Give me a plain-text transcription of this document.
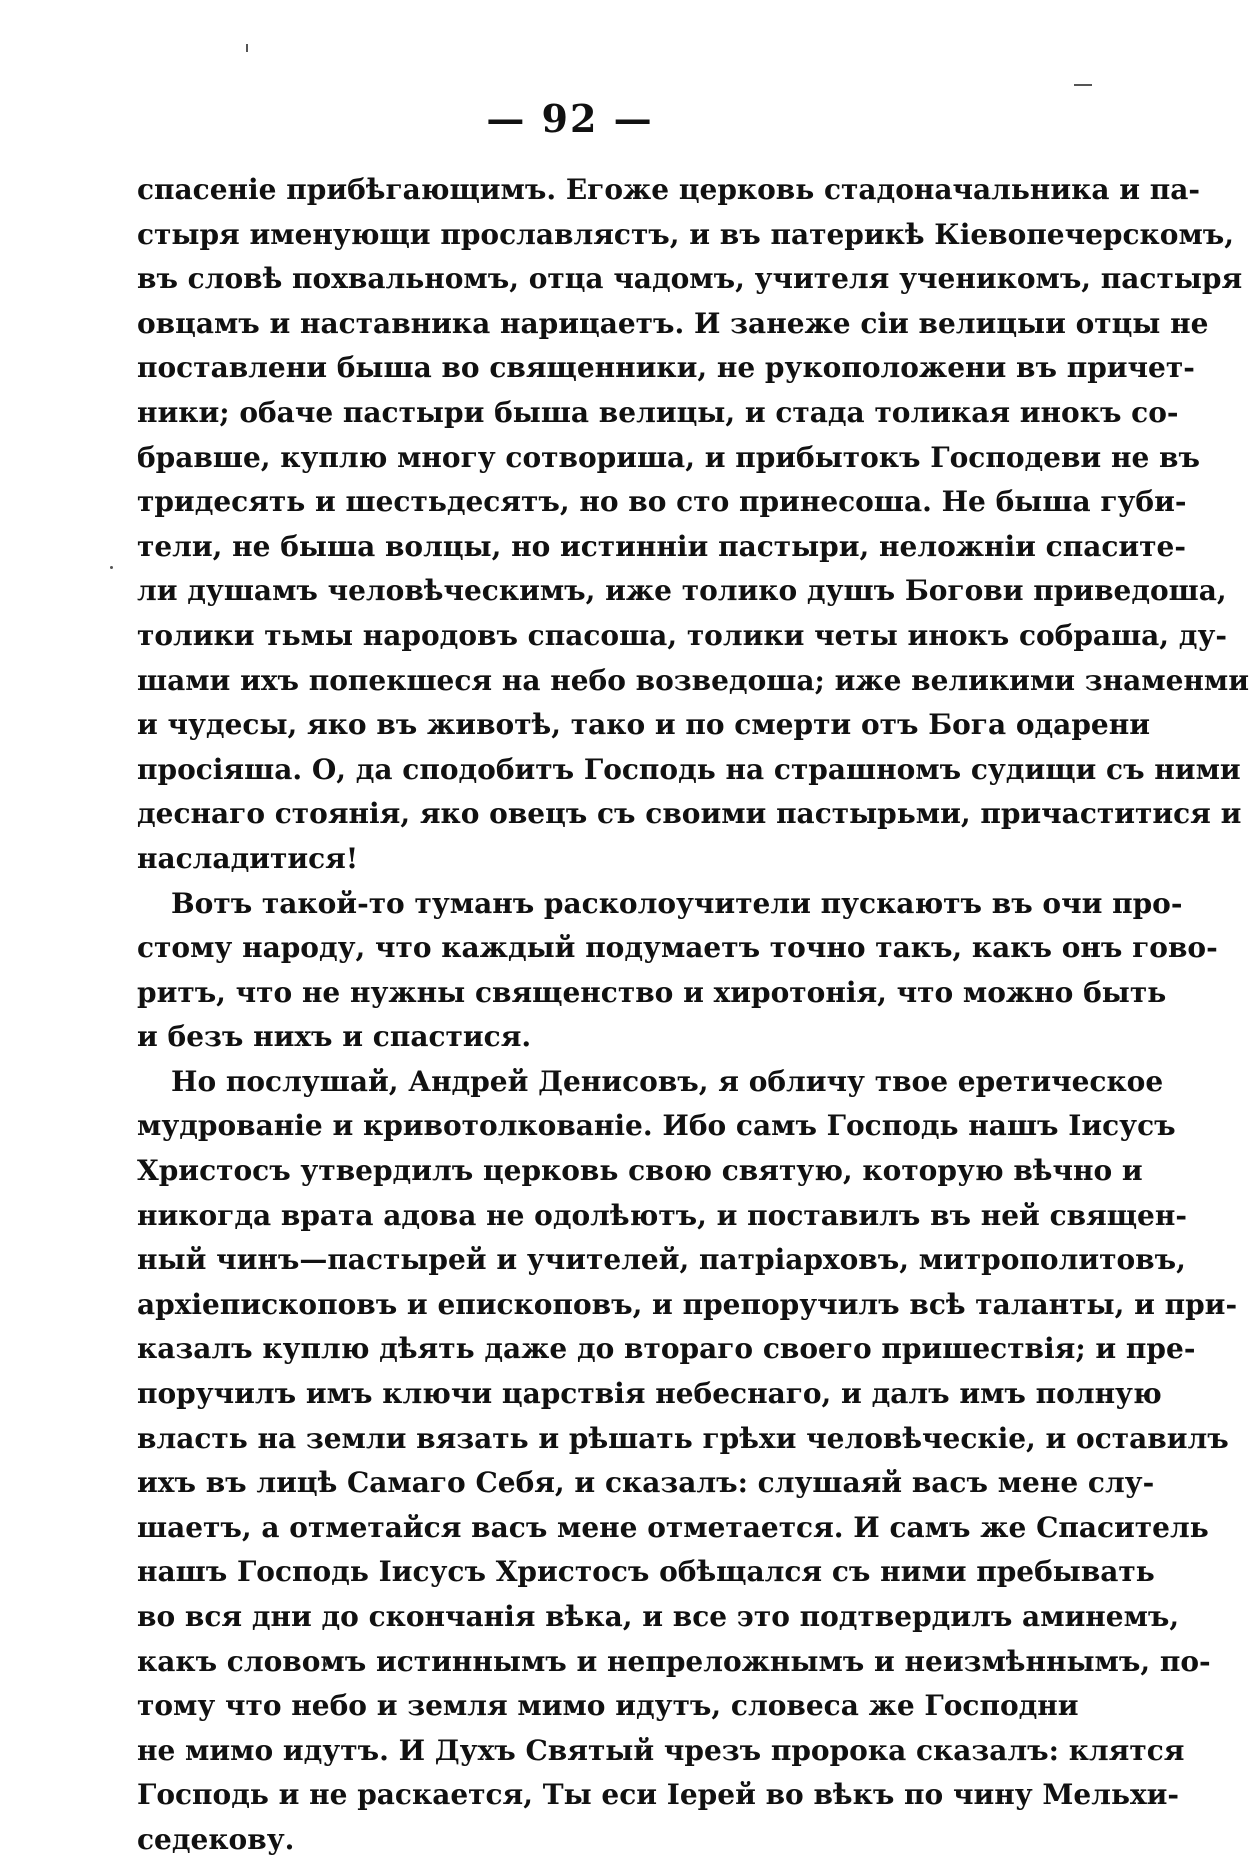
— 92 —
спасеніе прибѣгающимъ. Егоже церковь стадоначальника и па-
стыря именующи прославлястъ, и въ патерикѣ Кіевопечерскомъ,
въ словѣ похвальномъ, отца чадомъ, учителя ученикомъ, пастыря
овцамъ и наставника нарицаетъ. И занеже сіи велицыи отцы не
поставлени быша во священники, не рукоположени въ причет-
ники; обаче пастыри быша велицы, и стада толикая инокъ со-
бравше, куплю многу сотвориша, и прибытокъ Господеви не въ
тридесять и шестьдесятъ, но во сто принесоша. Не быша губи-
тели, не быша волцы, но истинніи пастыри, неложніи спасите-
ли душамъ человѣческимъ, иже толико душъ Богови приведоша,
толики тьмы народовъ спасоша, толики четы инокъ собраша, ду-
шами ихъ попекшеся на небо возведоша; иже великими знаменми
и чудесы, яко въ животѣ, тако и по смерти отъ Бога одарени
просіяша. О, да сподобитъ Господь на страшномъ судищи съ ними
деснаго стоянія, яко овецъ съ своими пастырьми, причаститися и
насладитися!
Вотъ такой-то туманъ расколоучители пускаютъ въ очи про-
стому народу, что каждый подумаетъ точно такъ, какъ онъ гово-
ритъ, что не нужны священство и хиротонія, что можно быть
и безъ нихъ и спастися.
Но послушай, Андрей Денисовъ, я обличу твое еретическое
мудрованіе и кривотолкованіе. Ибо самъ Господь нашъ Іисусъ
Христосъ утвердилъ церковь свою святую, которую вѣчно и
никогда врата адова не одолѣютъ, и поставилъ въ ней священ-
ный чинъ—пастырей и учителей, патріарховъ, митрополитовъ,
архіепископовъ и епископовъ, и препоручилъ всѣ таланты, и при-
казалъ куплю дѣять даже до втораго своего пришествія; и пре-
поручилъ имъ ключи царствія небеснаго, и далъ имъ полную
власть на земли вязать и рѣшать грѣхи человѣческіе, и оставилъ
ихъ въ лицѣ Самаго Себя, и сказалъ: слушаяй васъ мене слу-
шаетъ, а отметайся васъ мене отметается. И самъ же Спаситель
нашъ Господь Іисусъ Христосъ обѣщался съ ними пребывать
во вся дни до скончанія вѣка, и все это подтвердилъ аминемъ,
какъ словомъ истиннымъ и непреложнымъ и неизмѣннымъ, по-
тому что небо и земля мимо идутъ, словеса же Господни
не мимо идутъ. И Духъ Святый чрезъ пророка сказалъ: клятся
Господь и не раскается, Ты еси Іерей во вѣкъ по чину Мельхи-
седекову.
